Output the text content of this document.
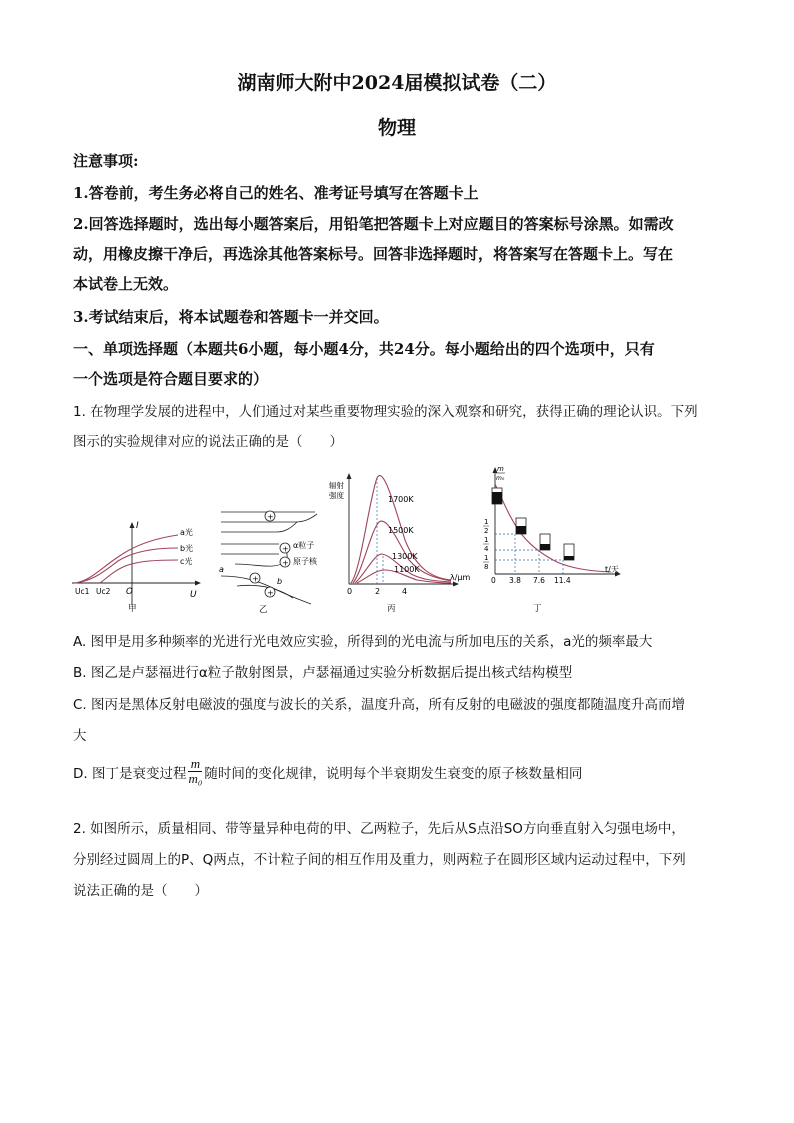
湖南师大附中2024届模拟试卷（二）
物理
注意事项:
1.答卷前，考生务必将自己的姓名、准考证号填写在答题卡上
2.回答选择题时，选出每小题答案后，用铅笔把答题卡上对应题目的答案标号涂黑。如需改
动，用橡皮擦干净后，再选涂其他答案标号。回答非选择题时，将答案写在答题卡上。写在
本试卷上无效。
3.考试结束后，将本试题卷和答题卡一并交回。
一、单项选择题（本题共6小题，每小题4分，共24分。每小题给出的四个选项中，只有
一个选项是符合题目要求的）
1. 在物理学发展的进程中，人们通过对某些重要物理实验的深入观察和研究，获得正确的理论认识。下列
图示的实验规律对应的说法正确的是（　　）
I
U
O
Uc1 Uc2
a光
b光
c光
甲
+
+
+
+
+
α粒子
原子核
a
b
乙
辐射
强度	1700K
1500K
1300K
1100K
λ/μm
0	2	4
丙
m
m₀
1
2
1
4
1
8
0 3.8 7.6 11.4
t/天
丁
A. 图甲是用多种频率的光进行光电效应实验，所得到的光电流与所加电压的关系，a光的频率最大
B. 图乙是卢瑟福进行α粒子散射图景，卢瑟福通过实验分析数据后提出核式结构模型
C. 图丙是黑体反射电磁波的强度与波长的关系，温度升高，所有反射的电磁波的强度都随温度升高而增
大
D. 图丁是衰变过程 $\frac{m}{\text{m₀}}$ 随时间的变化规律，说明每个半衰期发生衰变的原子核数量相同
2. 如图所示，质量相同、带等量异种电荷的甲、乙两粒子，先后从S点沿SO方向垂直射入匀强电场中，
分别经过圆周上的P、Q两点，不计粒子间的相互作用及重力，则两粒子在圆形区域内运动过程中，下列
说法正确的是（　　）
